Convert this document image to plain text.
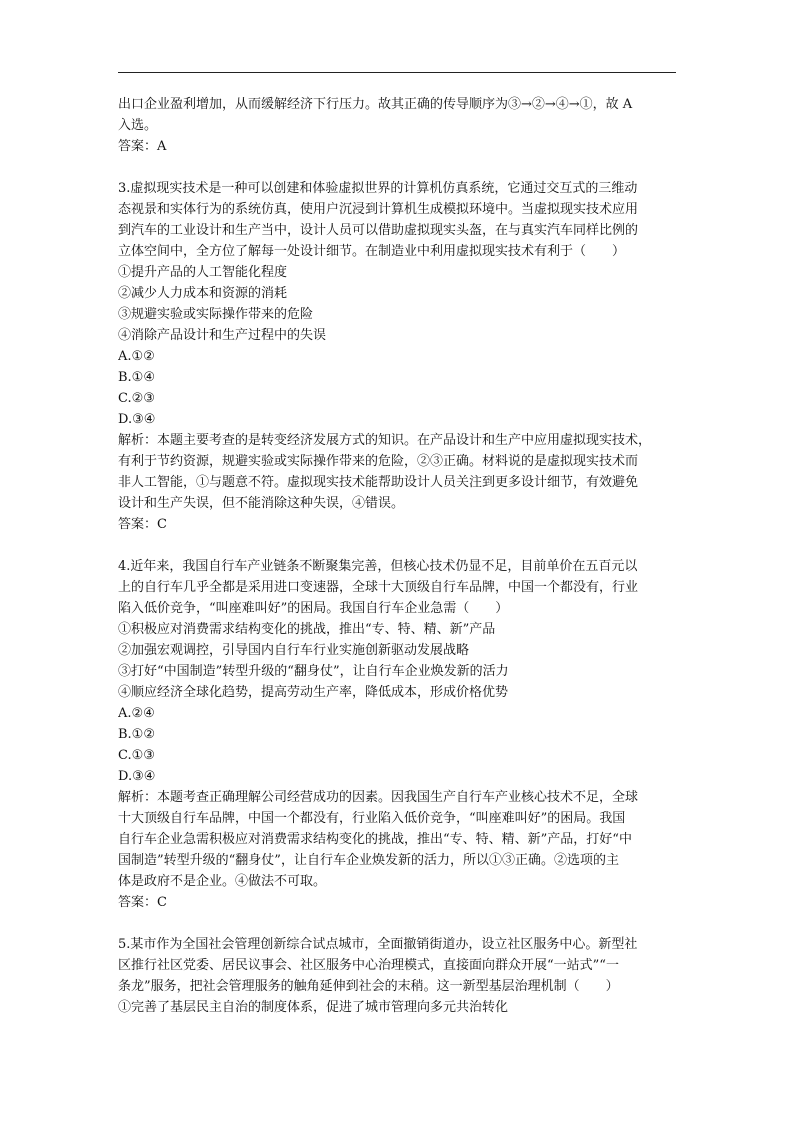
出口企业盈利增加，从而缓解经济下行压力。故其正确的传导顺序为③→②→④→①，故 A
入选。
答案：A
3.虚拟现实技术是一种可以创建和体验虚拟世界的计算机仿真系统，它通过交互式的三维动
态视景和实体行为的系统仿真，使用户沉浸到计算机生成模拟环境中。当虚拟现实技术应用
到汽车的工业设计和生产当中，设计人员可以借助虚拟现实头盔，在与真实汽车同样比例的
立体空间中，全方位了解每一处设计细节。在制造业中利用虚拟现实技术有利于（　　）
①提升产品的人工智能化程度
②减少人力成本和资源的消耗
③规避实验或实际操作带来的危险
④消除产品设计和生产过程中的失误
A.①②
B.①④
C.②③
D.③④
解析：本题主要考查的是转变经济发展方式的知识。在产品设计和生产中应用虚拟现实技术，
有利于节约资源，规避实验或实际操作带来的危险，②③正确。材料说的是虚拟现实技术而
非人工智能，①与题意不符。虚拟现实技术能帮助设计人员关注到更多设计细节，有效避免
设计和生产失误，但不能消除这种失误，④错误。
答案：C
4.近年来，我国自行车产业链条不断聚集完善，但核心技术仍显不足，目前单价在五百元以
上的自行车几乎全都是采用进口变速器，全球十大顶级自行车品牌，中国一个都没有，行业
陷入低价竞争，“叫座难叫好”的困局。我国自行车企业急需（　　）
①积极应对消费需求结构变化的挑战，推出“专、特、精、新”产品
②加强宏观调控，引导国内自行车行业实施创新驱动发展战略
③打好“中国制造”转型升级的“翻身仗”，让自行车企业焕发新的活力
④顺应经济全球化趋势，提高劳动生产率，降低成本，形成价格优势
A.②④
B.①②
C.①③
D.③④
解析：本题考查正确理解公司经营成功的因素。因我国生产自行车产业核心技术不足，全球
十大顶级自行车品牌，中国一个都没有，行业陷入低价竞争，“叫座难叫好”的困局。我国
自行车企业急需积极应对消费需求结构变化的挑战，推出“专、特、精、新”产品，打好“中
国制造”转型升级的“翻身仗”，让自行车企业焕发新的活力，所以①③正确。②选项的主
体是政府不是企业。④做法不可取。
答案：C
5.某市作为全国社会管理创新综合试点城市，全面撤销街道办，设立社区服务中心。新型社
区推行社区党委、居民议事会、社区服务中心治理模式，直接面向群众开展“一站式”“一
条龙”服务，把社会管理服务的触角延伸到社会的末稍。这一新型基层治理机制（　　）
①完善了基层民主自治的制度体系，促进了城市管理向多元共治转化
